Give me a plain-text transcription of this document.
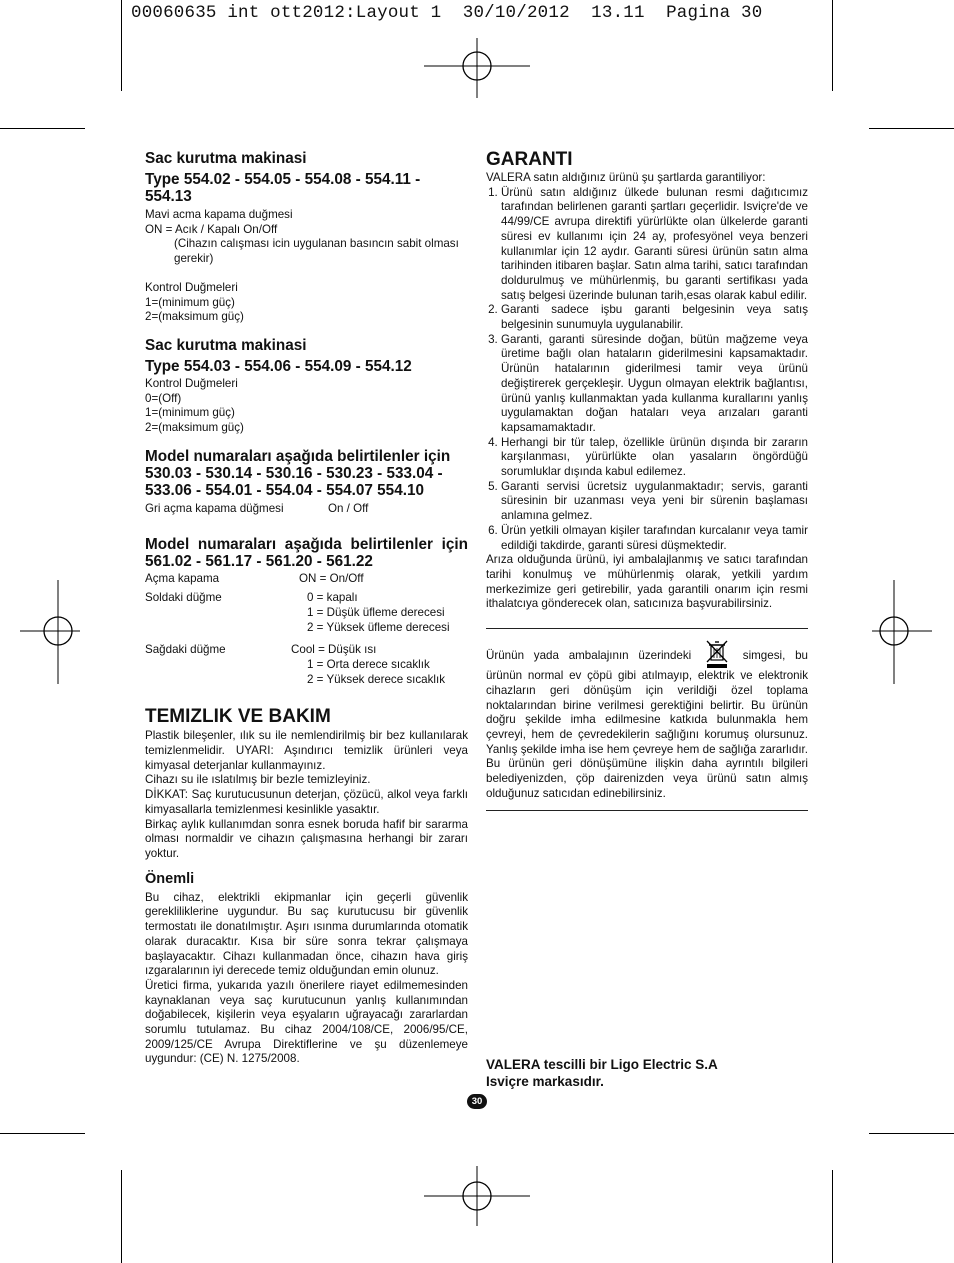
00060635 int ott2012:Layout 1  30/10/2012  13.11  Pagina 30
Sac kurutma makinasi
Type 554.02 - 554.05 - 554.08 - 554.11 - 554.13
Mavi acma kapama duğmesi
ON = Acık / Kapalı On/Off
(Cihazın calışması icin uygulanan basıncın sabit olması gerekir)
Kontrol Duğmeleri
1=(minimum güç)
2=(maksimum güç)
Sac kurutma makinasi
Type 554.03 - 554.06 - 554.09 - 554.12
Kontrol Duğmeleri
0=(Off)
1=(minimum güç)
2=(maksimum güç)
Model numaraları aşağıda belirtilenler için 530.03 - 530.14 - 530.16 - 530.23 - 533.04 - 533.06 - 554.01 - 554.04 - 554.07 554.10
Gri açma kapama düğmesi	On / Off
Model numaraları aşağıda belirtilenler için 561.02 - 561.17 - 561.20 - 561.22
Açma kapama	ON = On/Off
Soldaki düğme	0 = kapalı
1 = Düşük üfleme derecesi
2 = Yüksek üfleme derecesi
Sağdaki düğme	Cool = Düşük ısı
1 = Orta derece sıcaklık
2 = Yüksek derece sıcaklık
TEMIZLIK VE BAKIM
Plastik bileşenler, ılık su ile nemlendirilmiş bir bez kullanılarak temizlenmelidir. UYARI: Aşındırıcı temizlik ürünleri veya kimyasal deterjanlar kullanmayınız.
Cihazı su ile ıslatılmış bir bezle temizleyiniz.
DİKKAT: Saç kurutucusunun deterjan, çözücü, alkol veya farklı kimyasallarla temizlenmesi kesinlikle yasaktır.
Birkaç aylık kullanımdan sonra esnek boruda hafif bir sararma olması normaldir ve cihazın çalışmasına herhangi bir zararı yoktur.
Önemli
Bu cihaz, elektrikli ekipmanlar için geçerli güvenlik gerekliliklerine uygundur. Bu saç kurutucusu bir güvenlik termostatı ile donatılmıştır. Aşırı ısınma durumlarında otomatik olarak duracaktır. Kısa bir süre sonra tekrar çalışmaya başlayacaktır. Cihazı kullanmadan önce, cihazın hava giriş ızgaralarının iyi derecede temiz olduğundan emin olunuz.
Üretici firma, yukarıda yazılı önerilere riayet edilmemesinden kaynaklanan veya saç kurutucunun yanlış kullanımından doğabilecek, kişilerin veya eşyaların uğrayacağı zararlardan sorumlu tutulamaz. Bu cihaz 2004/108/CE, 2006/95/CE, 2009/125/CE Avrupa Direktiflerine ve şu düzenlemeye uygundur: (CE) N. 1275/2008.
GARANTI
VALERA satın aldığınız ürünü şu şartlarda garantiliyor:
1. Ürünü satın aldığınız ülkede bulunan resmi dağıtıcımız tarafından belirlenen garanti şartları geçerlidir. Isviçre'de ve 44/99/CE avrupa direktifi yürürlükte olan ülkelerde garanti süresi ev kullanımı için 24 ay, profesyönel veya benzeri kullanımlar için 12 aydır. Garanti süresi ürünün satın alma tarihinden itibaren başlar. Satın alma tarihi, satıcı tarafından doldurulmuş ve mühürlenmiş, bu garanti sertifikası yada satış belgesi üzerinde bulunan tarih,esas olarak kabul edilir.
2. Garanti sadece işbu garanti belgesinin veya satış belgesinin sunumuyla uygulanabilir.
3. Garanti, garanti süresinde doğan, bütün mağzeme veya üretime bağlı olan hataların giderilmesini kapsamaktadır. Ürünün hatalarının giderilmesi tamir veya ürünü değiştirerek gerçekleşir. Uygun olmayan elektrik bağlantısı, ürünü yanlış kullanmaktan yada kullanma kurallarını yanlış uygulamaktan doğan hataları veya arızaları garanti kapsamamaktadır.
4. Herhangi bir tür talep, özellikle ürünün dışında bir zararın karşılanması, yürürlükte olan yasaların öngördüğü sorumluklar dışında kabul edilemez.
5. Garanti servisi ücretsiz uygulanmaktadır; servis, garanti süresinin bir uzanması veya yeni bir sürenin başlaması anlamına gelmez.
6. Ürün yetkili olmayan kişiler tarafından kurcalanır veya tamir edildiği takdirde, garanti süresi düşmektedir.
Arıza olduğunda ürünü, iyi ambalajlanmış ve satıcı tarafından tarihi konulmuş ve mühürlenmiş olarak, yetkili yardım merkezimize geri getirebilir, yada garantili onarım için resmi ithalatcıya gönderecek olan, satıcınıza başvurabilirsiniz.
Ürünün yada ambalajının üzerindeki	simgesi, bu ürünün normal ev çöpü gibi atılmayıp, elektrik ve elektronik cihazların geri dönüşüm için verildiği özel toplama noktalarından birine verilmesi gerektiğini belirtir. Bu ürünün doğru şekilde imha edilmesine katkıda bulunmakla hem çevreyi, hem de çevredekilerin sağlığını korumuş olursunuz. Yanlış şekilde imha ise hem çevreye hem de sağlığa zararlıdır. Bu ürünün geri dönüşümüne ilişkin daha ayrıntılı bilgileri belediyenizden, çöp dairenizden veya ürünü satın almış olduğunuz satıcıdan edinebilirsiniz.
VALERA tescilli bir Ligo Electric S.A
Isviçre markasıdır.
30
